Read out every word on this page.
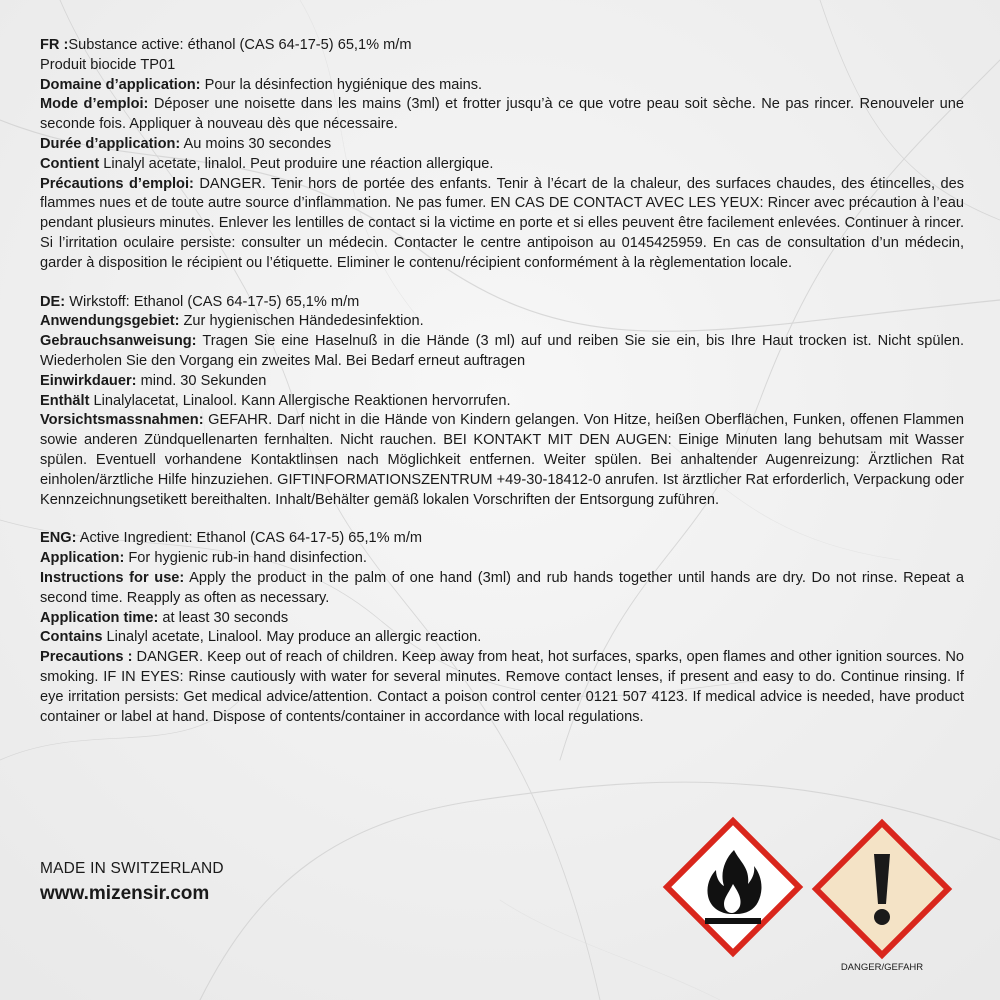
FR :Substance active: éthanol (CAS 64-17-5) 65,1% m/m

Produit biocide TP01

Domaine d’application: Pour la désinfection hygiénique des mains.

Mode d’emploi: Déposer une noisette dans les mains (3ml) et frotter jusqu’à ce que votre peau soit sèche. Ne pas rincer. Renouveler une seconde fois. Appliquer à nouveau dès que nécessaire.

Durée d’application: Au moins 30 secondes

Contient Linalyl acetate, linalol. Peut produire une réaction allergique.

Précautions d’emploi: DANGER. Tenir hors de portée des enfants. Tenir à l’écart de la chaleur, des surfaces chaudes, des étincelles, des flammes nues et de toute autre source d’inflammation. Ne pas fumer. EN CAS DE CONTACT AVEC LES YEUX: Rincer avec précaution à l’eau pendant plusieurs minutes. Enlever les lentilles de contact si la victime en porte et si elles peuvent être facilement enlevées. Continuer à rincer. Si l’irritation oculaire persiste: consulter un médecin. Contacter le centre antipoison au 0145425959. En cas de consultation d’un médecin, garder à disposition le récipient ou l’étiquette. Eliminer le contenu/récipient conformément à la règlementation locale.

DE: Wirkstoff: Ethanol (CAS 64-17-5) 65,1% m/m

Anwendungsgebiet: Zur hygienischen Händedesinfektion.

Gebrauchsanweisung: Tragen Sie eine Haselnuß in die Hände (3 ml) auf und reiben Sie sie ein, bis Ihre Haut trocken ist. Nicht spülen. Wiederholen Sie den Vorgang ein zweites Mal. Bei Bedarf erneut auftragen

Einwirkdauer: mind. 30 Sekunden

Enthält Linalylacetat, Linalool. Kann Allergische Reaktionen hervorrufen.

Vorsichtsmassnahmen: GEFAHR. Darf nicht in die Hände von Kindern gelangen. Von Hitze, heißen Oberflächen, Funken, offenen Flammen sowie anderen Zündquellenarten fernhalten. Nicht rauchen. BEI KONTAKT MIT DEN AUGEN: Einige Minuten lang behutsam mit Wasser spülen. Eventuell vorhandene Kontaktlinsen nach Möglichkeit entfernen. Weiter spülen. Bei anhaltender Augenreizung: Ärztlichen Rat einholen/ärztliche Hilfe hinzuziehen. GIFTINFORMATIONSZENTRUM +49-30-18412-0 anrufen. Ist ärztlicher Rat erforderlich, Verpackung oder Kennzeichnungsetikett bereithalten. Inhalt/Behälter gemäß lokalen Vorschriften der Entsorgung zuführen.

ENG: Active Ingredient: Ethanol (CAS 64-17-5) 65,1% m/m

Application: For hygienic rub-in hand disinfection.

Instructions for use: Apply the product in the palm of one hand (3ml) and rub hands together until hands are dry. Do not rinse. Repeat a second time. Reapply as often as necessary.

Application time: at least 30 seconds

Contains Linalyl acetate, Linalool. May produce an allergic reaction.

Precautions : DANGER. Keep out of reach of children. Keep away from heat, hot surfaces, sparks, open flames and other ignition sources. No smoking. IF IN EYES: Rinse cautiously with water for several minutes. Remove contact lenses, if present and easy to do. Continue rinsing. If eye irritation persists: Get medical advice/attention. Contact a poison control center 0121 507 4123. If medical advice is needed, have product container or label at hand. Dispose of contents/container in accordance with local regulations.

MADE IN SWITZERLAND
www.mizensir.com
DANGER/GEFAHR
